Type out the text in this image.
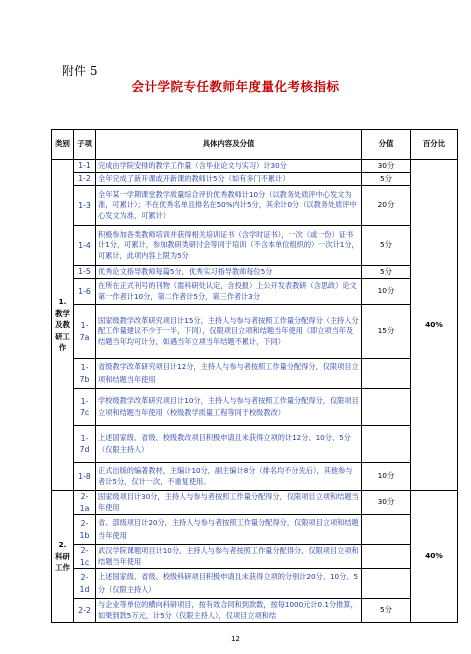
附件 5
会计学院专任教师年度量化考核指标
类别	子项	具体内容及分值	分值	百分比
1. 教学及教研工作	1-1	完成由学院安排的教学工作量（含毕业论文与实习）计30分	30分	40%
	1-2	全年完成了新开课或开新课的教师计5分（如有多门不累计）	5分	
	1-3	全年某一学期课堂教学质量综合评价优秀教师计10分（以教务处质评中心发文为准，可累计）；不在优秀名单且排名在50%内计5分，其余计0分（以教务处质评中心发文为准，可累计）	20分	
	1-4	积极参加各类教师培训并获得相关培训证书（含学时证书），一次（或一份）证书计1分，可累计，参加教研类研讨会等同于培训（不含本单位组织的）一次计1分，可累计，此项内容上限为5分	5分	
	1-5	优秀论文指导教师每篇5分，优秀实习指导教师每位5分	5分	
	1-6	在所在正式刊号的刊物（需科研处认定，含投报）上公开发表教研（含思政）论文第一作者计10分，第二作者计5分，第三作者计3分	10分	
	1-7a	国家级教学改革研究项目计15分，主持人与参与者按照工作量分配得分（主持人分配工作量建议不少于一半，下同），仅限项目立项和结题当年使用（即立项当年及结题当年均可计分，如遇当年立项当年结题不累计，下同）	15分	
	1-7b	省级教学改革研究项目计12分，主持人与参与者按照工作量分配得分，仅限项目立项和结题当年使用		
	1-7c	学校级教学改革研究项目计10分，主持人与参与者按照工作量分配得分，仅限项目立项和结题当年使用（校级教学质量工程等同于校级教改）		
	1-7d	上述国家级、省级、校级教改项目积极申请且未获得立项的计12分、10分、5分（仅限主持人）		
	1-8	正式出版的编著教材，主编计10分，副主编计8分（排名均不分先后），其他参与者计5分，仅计一次，不重复使用。	10分	
2. 科研工作	2-1a	国家级项目计30分，主持人与参与者按照工作量分配得分，仅限项目立项和结题当年使用	30分	40%
	2-1b	省、部级项目计20分，主持人与参与者按照工作量分配得分，仅限项目立项和结题当年使用		
	2-1c	武汉学院课题项目计10分，主持人与参与者按照工作量分配得分，仅限项目立项和结题当年使用		
	2-1d	上述国家级、省级、校级科研项目积极申请且未获得立项的分别计20分、10分、5分（仅限主持人）		
	2-2	与企业等单位的横向科研项目，按有效合同和到款数，按每1000元计0.1分推算，如果到款5万元，计5分（仅限主持人），仅项目立项和结	5分	
12
